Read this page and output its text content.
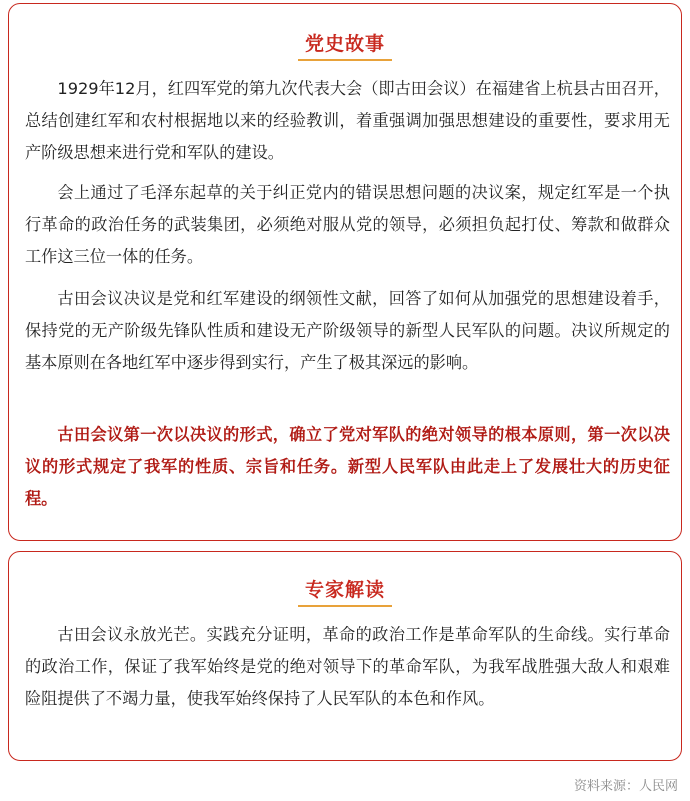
党史故事

1929年12月，红四军党的第九次代表大会（即古田会议）在福建省上杭县古田召开，总结创建红军和农村根据地以来的经验教训，着重强调加强思想建设的重要性，要求用无产阶级思想来进行党和军队的建设。

会上通过了毛泽东起草的关于纠正党内的错误思想问题的决议案，规定红军是一个执行革命的政治任务的武装集团，必须绝对服从党的领导，必须担负起打仗、筹款和做群众工作这三位一体的任务。

古田会议决议是党和红军建设的纲领性文献，回答了如何从加强党的思想建设着手，保持党的无产阶级先锋队性质和建设无产阶级领导的新型人民军队的问题。决议所规定的基本原则在各地红军中逐步得到实行，产生了极其深远的影响。

古田会议第一次以决议的形式，确立了党对军队的绝对领导的根本原则，第一次以决议的形式规定了我军的性质、宗旨和任务。新型人民军队由此走上了发展壮大的历史征程。

专家解读

古田会议永放光芒。实践充分证明，革命的政治工作是革命军队的生命线。实行革命的政治工作，保证了我军始终是党的绝对领导下的革命军队，为我军战胜强大敌人和艰难险阻提供了不竭力量，使我军始终保持了人民军队的本色和作风。

资料来源：人民网
